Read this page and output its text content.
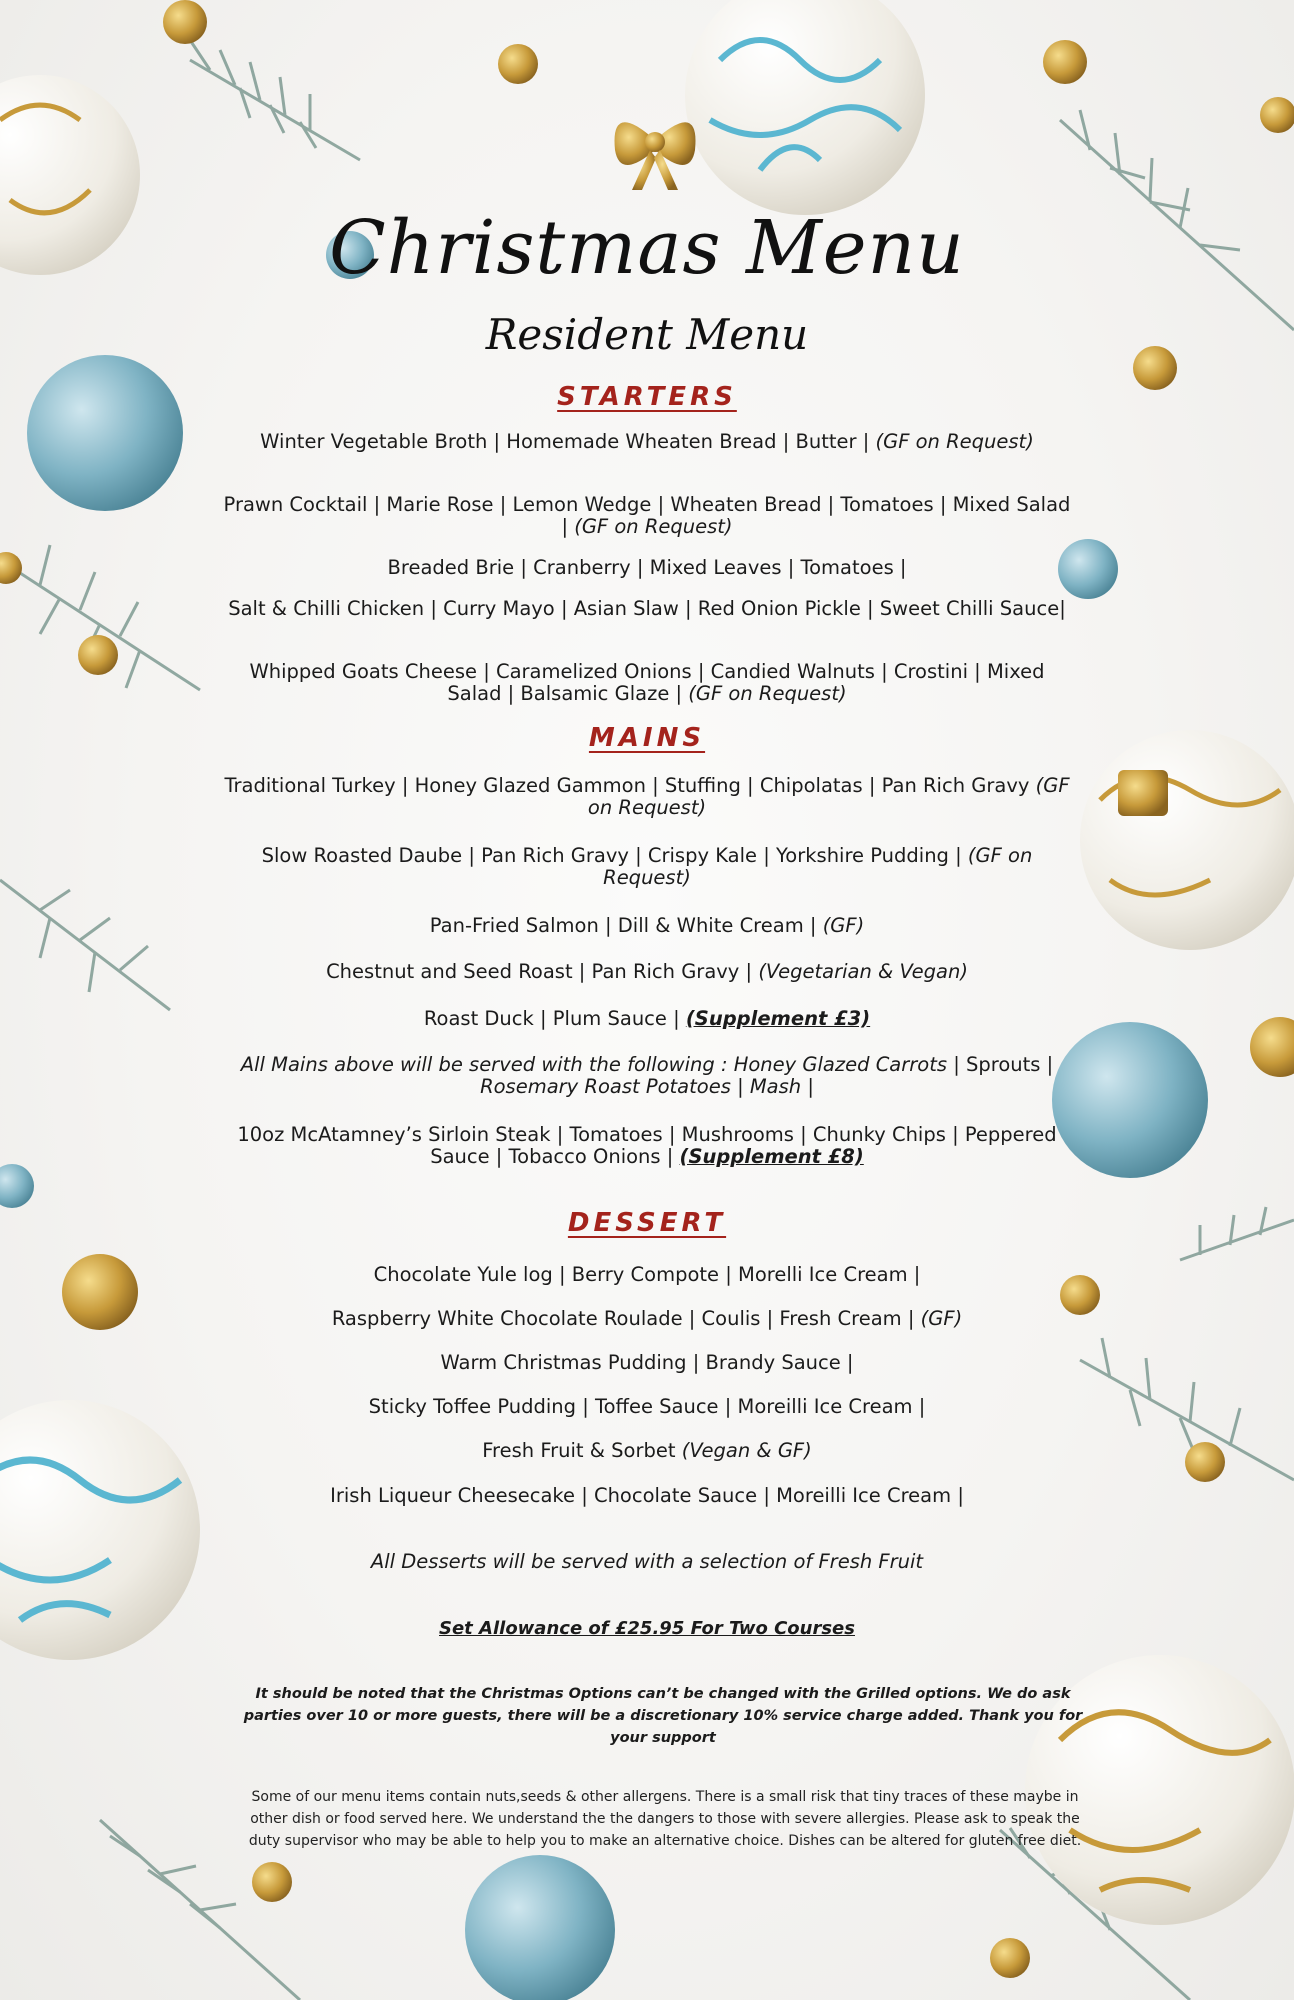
Christmas Menu
Resident Menu
STARTERS
Winter Vegetable Broth | Homemade Wheaten Bread | Butter | (GF on Request)
Prawn Cocktail | Marie Rose | Lemon Wedge | Wheaten Bread | Tomatoes | Mixed Salad | (GF on Request)
Breaded Brie | Cranberry | Mixed Leaves | Tomatoes |
Salt & Chilli Chicken | Curry Mayo | Asian Slaw | Red Onion Pickle | Sweet Chilli Sauce|
Whipped Goats Cheese | Caramelized Onions | Candied Walnuts | Crostini | Mixed Salad | Balsamic Glaze | (GF on Request)
MAINS
Traditional Turkey | Honey Glazed Gammon | Stuffing | Chipolatas | Pan Rich Gravy (GF on Request)
Slow Roasted Daube | Pan Rich Gravy | Crispy Kale | Yorkshire Pudding | (GF on Request)
Pan-Fried Salmon | Dill & White Cream | (GF)
Chestnut and Seed Roast | Pan Rich Gravy | (Vegetarian & Vegan)
Roast Duck | Plum Sauce | (Supplement £3)
All Mains above will be served with the following : Honey Glazed Carrots | Sprouts | Rosemary Roast Potatoes | Mash |
10oz McAtamney’s Sirloin Steak | Tomatoes | Mushrooms | Chunky Chips | Peppered Sauce | Tobacco Onions | (Supplement £8)
DESSERT
Chocolate Yule log | Berry Compote | Morelli Ice Cream |
Raspberry White Chocolate Roulade | Coulis | Fresh Cream | (GF)
Warm Christmas Pudding | Brandy Sauce |
Sticky Toffee Pudding | Toffee Sauce | Moreilli Ice Cream |
Fresh Fruit & Sorbet (Vegan & GF)
Irish Liqueur Cheesecake | Chocolate Sauce | Moreilli Ice Cream |
All Desserts will be served with a selection of Fresh Fruit
Set Allowance of £25.95 For Two Courses
It should be noted that the Christmas Options can’t be changed with the Grilled options. We do ask parties over 10 or more guests, there will be a discretionary 10% service charge added. Thank you for your support
Some of our menu items contain nuts,seeds & other allergens. There is a small risk that tiny traces of these maybe in other dish or food served here. We understand the the dangers to those with severe allergies. Please ask to speak the duty supervisor who may be able to help you to make an alternative choice. Dishes can be altered for gluten free diet.
